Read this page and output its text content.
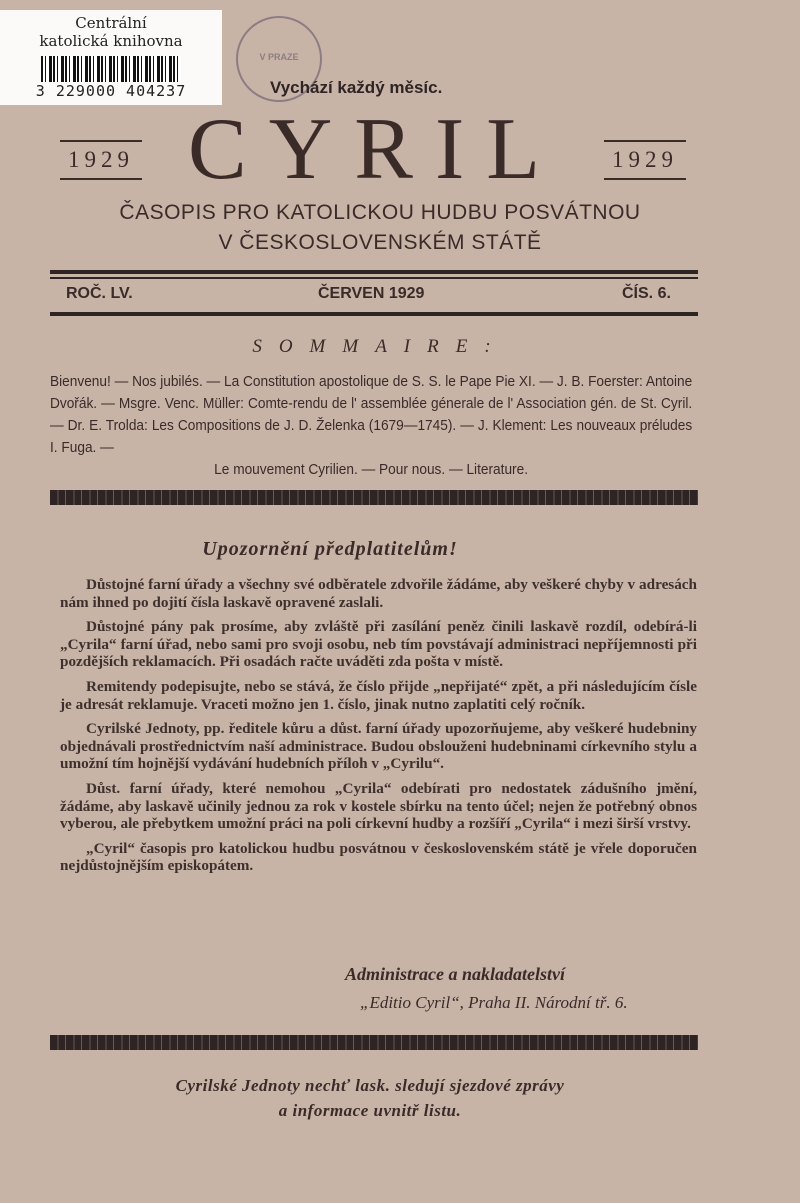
Centrální
katolická knihovna
3 229000 404237
V PRAZE
Vychází každý měsíc.
1929 CYRIL	1929
ČASOPIS PRO KATOLICKOU HUDBU POSVÁTNOU
V ČESKOSLOVENSKÉM STÁTĚ
ROČ. LV.	ČERVEN 1929	ČÍS. 6.
SOMMAIRE:
Bienvenu! — Nos jubilés. — La Constitution apostolique de S. S. le Pape Pie XI. — J. B. Foerster: Antoine Dvořák. — Msgre. Venc. Müller: Comte-rendu de l' assemblée génerale de l' Association gén. de St. Cyril. — Dr. E. Trolda: Les Compositions de J. D. Želenka (1679—1745). — J. Klement: Les nouveaux préludes I. Fuga. —
Le mouvement Cyrilien. — Pour nous. — Literature.
Upozornění předplatitelům!

Důstojné farní úřady a všechny své odběratele zdvořile žádáme, aby veškeré chyby v adresách nám ihned po dojití čísla laskavě opravené zaslali.

Důstojné pány pak prosíme, aby zvláště při zasílání peněz činili laskavě rozdíl, odebírá-li „Cyrila“ farní úřad, nebo sami pro svoji osobu, neb tím povstávají administraci nepříjemnosti při pozdějších reklamacích. Při osadách račte uváděti zda pošta v místě.

Remitendy podepisujte, nebo se stává, že číslo přijde „nepřijaté“ zpět, a při následujícím čísle je adresát reklamuje. Vraceti možno jen 1. číslo, jinak nutno zaplatiti celý ročník.

Cyrilské Jednoty, pp. ředitele kůru a důst. farní úřady upozorňujeme, aby veškeré hudebniny objednávali prostřednictvím naší administrace. Budou obslouženi hudebninami církevního stylu a umožní tím hojnější vydávání hudebních příloh v „Cyrilu“.

Důst. farní úřady, které nemohou „Cyrila“ odebírati pro nedostatek zádušního jmění, žádáme, aby laskavě učinily jednou za rok v kostele sbírku na tento účel; nejen že potřebný obnos vyberou, ale přebytkem umožní práci na poli církevní hudby a rozšíří „Cyrila“ i mezi širší vrstvy.

„Cyril“ časopis pro katolickou hudbu posvátnou v československém státě je vřele doporučen nejdůstojnějším episkopátem.

Administrace a nakladatelství
„Editio Cyril“, Praha II. Národní tř. 6.
Cyrilské Jednoty nechť lask. sledují sjezdové zprávy
a informace uvnitř listu.
